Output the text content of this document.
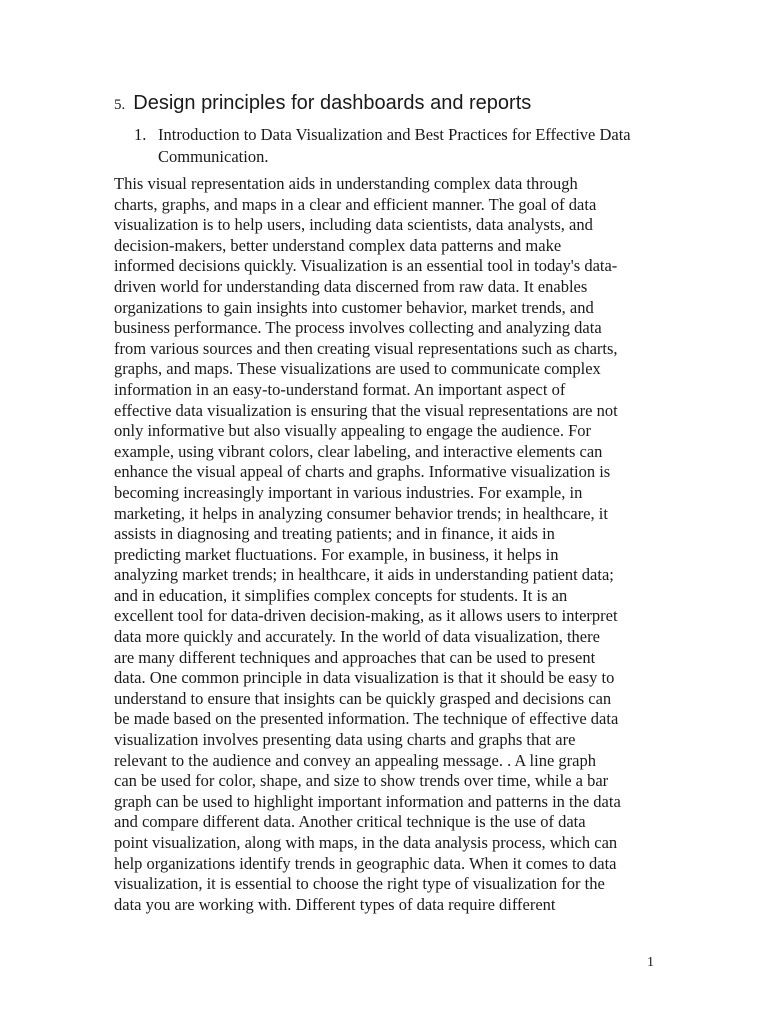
5. Design principles for dashboards and reports
1. Introduction to Data Visualization and Best Practices for Effective Data Communication.
This visual representation aids in understanding complex data through
charts, graphs, and maps in a clear and efficient manner. The goal of data
visualization is to help users, including data scientists, data analysts, and
decision-makers, better understand complex data patterns and make
informed decisions quickly. Visualization is an essential tool in today's data-
driven world for understanding data discerned from raw data. It enables
organizations to gain insights into customer behavior, market trends, and
business performance. The process involves collecting and analyzing data
from various sources and then creating visual representations such as charts,
graphs, and maps. These visualizations are used to communicate complex
information in an easy-to-understand format. An important aspect of
effective data visualization is ensuring that the visual representations are not
only informative but also visually appealing to engage the audience. For
example, using vibrant colors, clear labeling, and interactive elements can
enhance the visual appeal of charts and graphs. Informative visualization is
becoming increasingly important in various industries. For example, in
marketing, it helps in analyzing consumer behavior trends; in healthcare, it
assists in diagnosing and treating patients; and in finance, it aids in
predicting market fluctuations. For example, in business, it helps in
analyzing market trends; in healthcare, it aids in understanding patient data;
and in education, it simplifies complex concepts for students. It is an
excellent tool for data-driven decision-making, as it allows users to interpret
data more quickly and accurately. In the world of data visualization, there
are many different techniques and approaches that can be used to present
data. One common principle in data visualization is that it should be easy to
understand to ensure that insights can be quickly grasped and decisions can
be made based on the presented information. The technique of effective data
visualization involves presenting data using charts and graphs that are
relevant to the audience and convey an appealing message. . A line graph
can be used for color, shape, and size to show trends over time, while a bar
graph can be used to highlight important information and patterns in the data
and compare different data. Another critical technique is the use of data
point visualization, along with maps, in the data analysis process, which can
help organizations identify trends in geographic data. When it comes to data
visualization, it is essential to choose the right type of visualization for the
data you are working with. Different types of data require different
1
